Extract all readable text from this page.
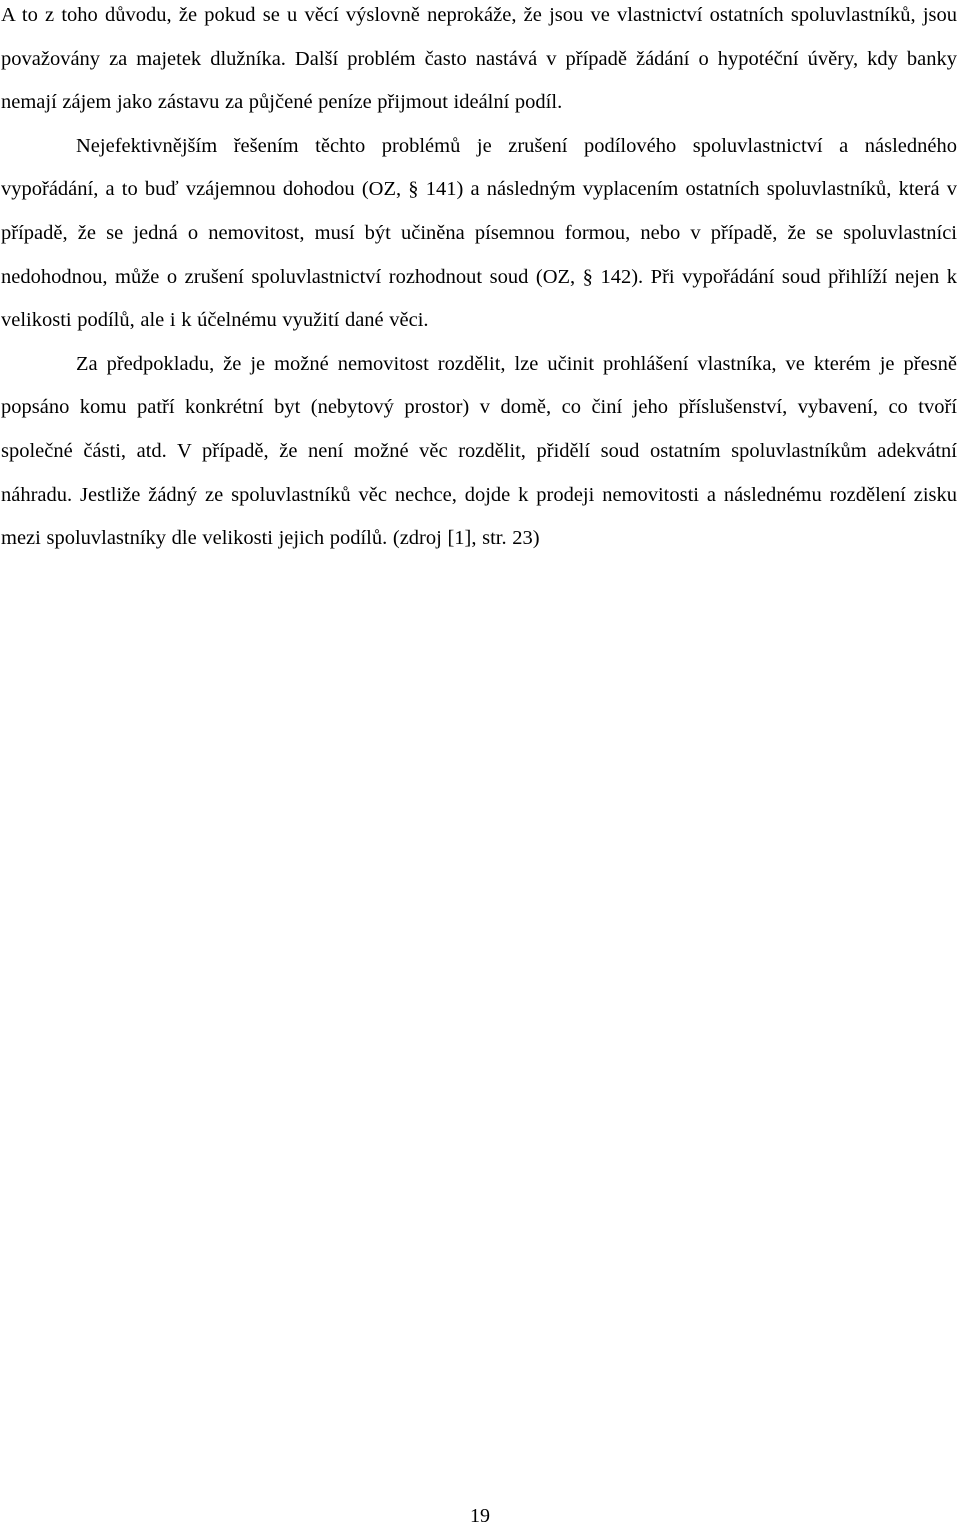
A to z toho důvodu, že pokud se u věcí výslovně neprokáže, že jsou ve vlastnictví ostatních spoluvlastníků, jsou považovány za majetek dlužníka. Další problém často nastává v případě žádání o hypotéční úvěry, kdy banky nemají zájem jako zástavu za půjčené peníze přijmout ideální podíl.

Nejefektivnějším řešením těchto problémů je zrušení podílového spoluvlastnictví a následného vypořádání, a to buď vzájemnou dohodou (OZ, § 141) a následným vyplacením ostatních spoluvlastníků, která v případě, že se jedná o nemovitost, musí být učiněna písemnou formou, nebo v případě, že se spoluvlastníci nedohodnou, může o zrušení spoluvlastnictví rozhodnout soud (OZ, § 142). Při vypořádání soud přihlíží nejen k velikosti podílů, ale i k účelnému využití dané věci.

Za předpokladu, že je možné nemovitost rozdělit, lze učinit prohlášení vlastníka, ve kterém je přesně popsáno komu patří konkrétní byt (nebytový prostor) v domě, co činí jeho příslušenství, vybavení, co tvoří společné části, atd. V případě, že není možné věc rozdělit, přidělí soud ostatním spoluvlastníkům adekvátní náhradu. Jestliže žádný ze spoluvlastníků věc nechce, dojde k prodeji nemovitosti a následnému rozdělení zisku mezi spoluvlastníky dle velikosti jejich podílů. (zdroj [1], str. 23)

19
